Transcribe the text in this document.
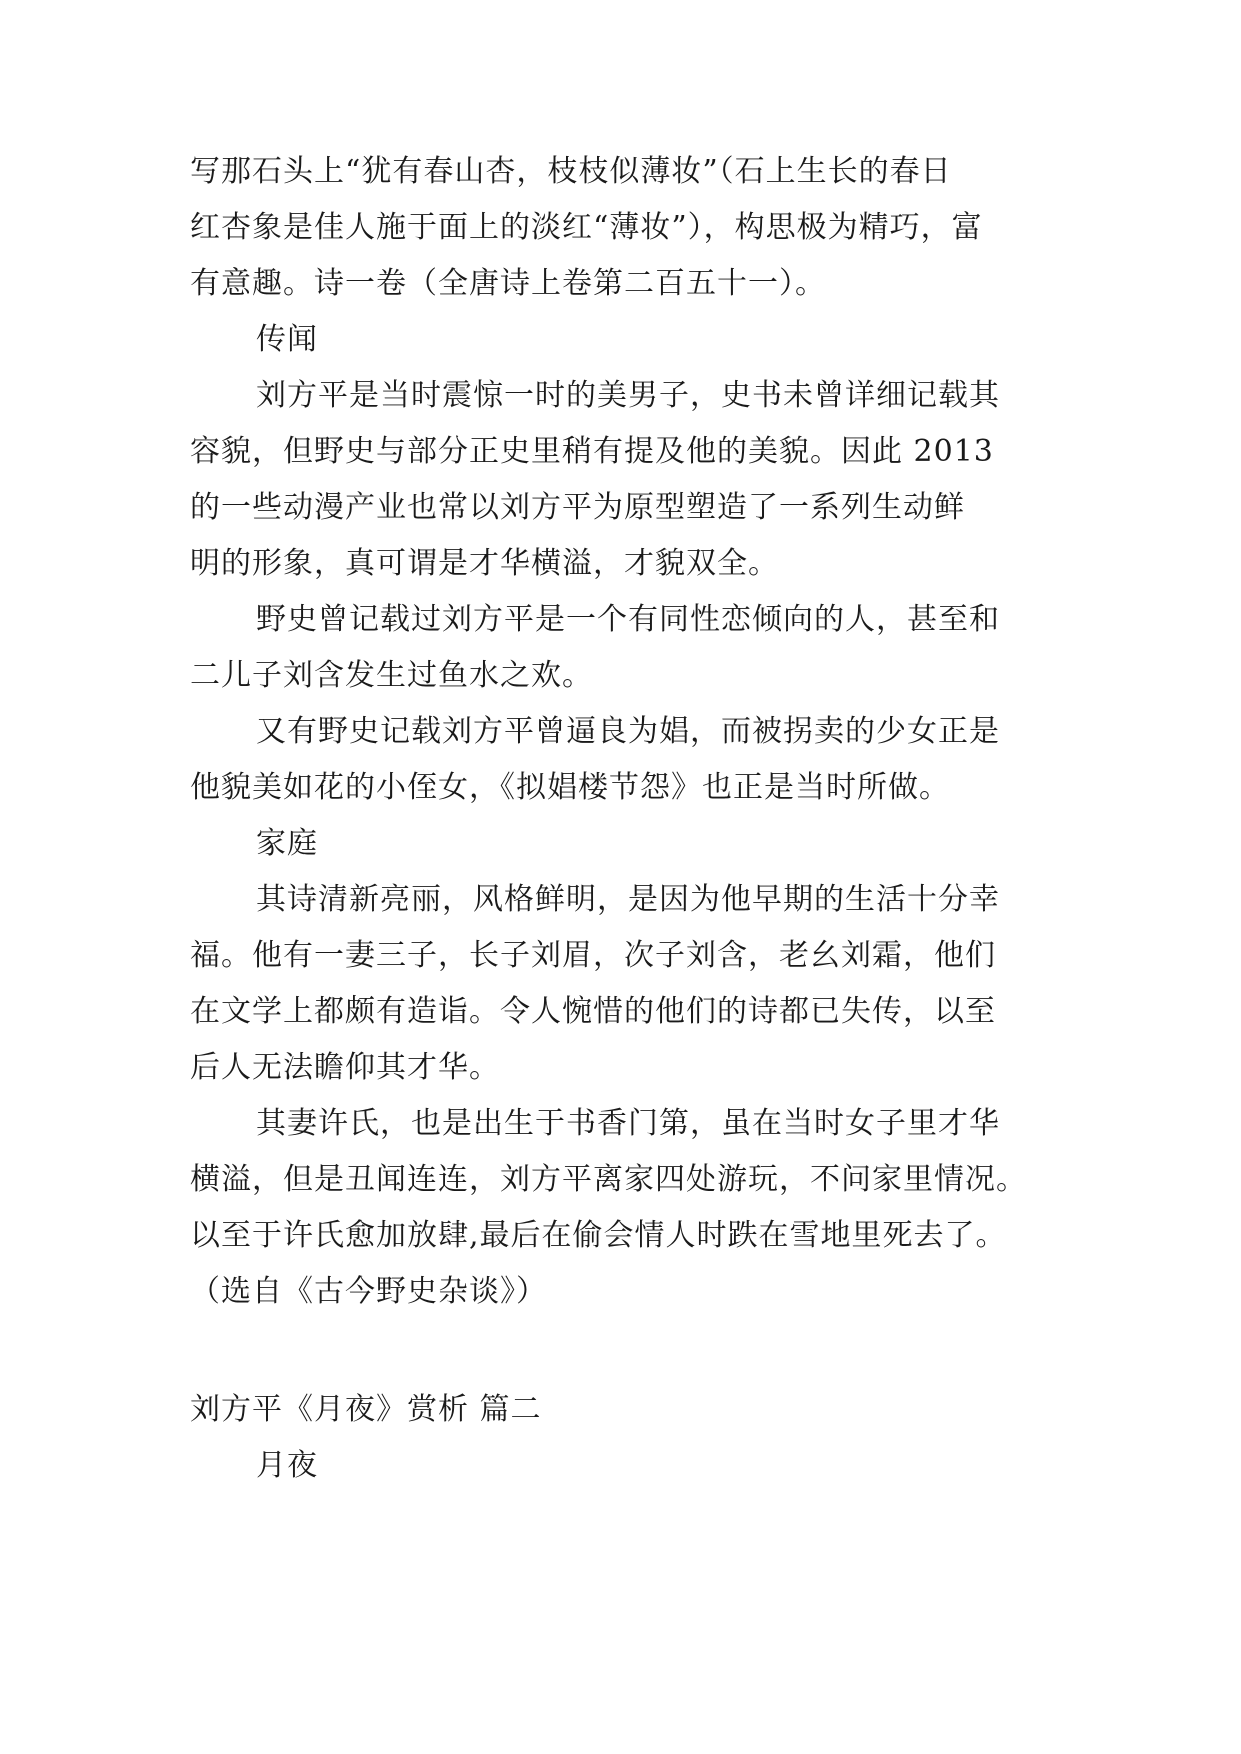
写那石头上“犹有春山杏，枝枝似薄妆”（石上生长的春日
红杏象是佳人施于面上的淡红“薄妆”），构思极为精巧，富
有意趣。诗一卷（全唐诗上卷第二百五十一）。
传闻
刘方平是当时震惊一时的美男子，史书未曾详细记载其
容貌，但野史与部分正史里稍有提及他的美貌。因此 2013
的一些动漫产业也常以刘方平为原型塑造了一系列生动鲜
明的形象，真可谓是才华横溢，才貌双全。
野史曾记载过刘方平是一个有同性恋倾向的人，甚至和
二儿子刘含发生过鱼水之欢。
又有野史记载刘方平曾逼良为娼，而被拐卖的少女正是
他貌美如花的小侄女，《拟娼楼节怨》也正是当时所做。
家庭
其诗清新亮丽，风格鲜明，是因为他早期的生活十分幸
福。他有一妻三子，长子刘眉，次子刘含，老幺刘霜，他们
在文学上都颇有造诣。令人惋惜的他们的诗都已失传，以至
后人无法瞻仰其才华。
其妻许氏，也是出生于书香门第，虽在当时女子里才华
横溢，但是丑闻连连，刘方平离家四处游玩，不问家里情况。
以至于许氏愈加放肆,最后在偷会情人时跌在雪地里死去了。
（选自《古今野史杂谈》）
刘方平《月夜》赏析 篇二
月夜
